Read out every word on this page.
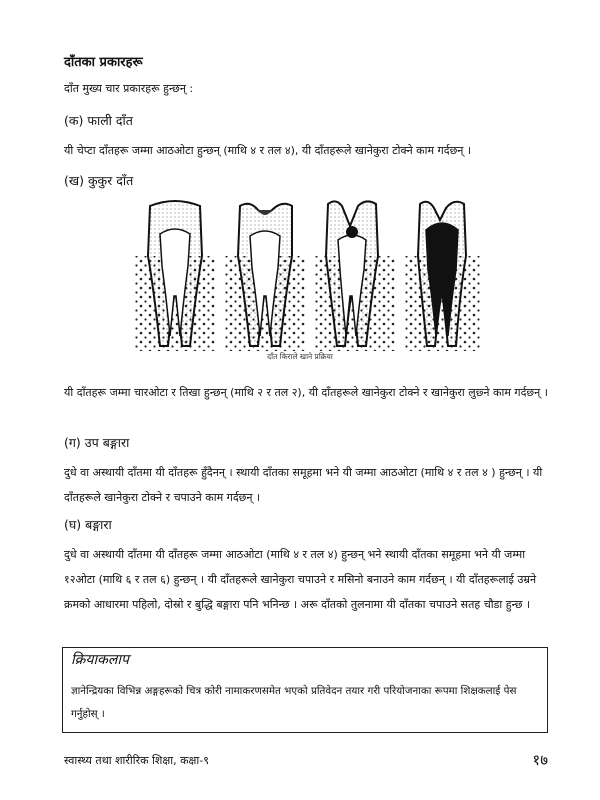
दाँतका प्रकारहरू
दाँत मुख्य चार प्रकारहरू हुन्छन् :
(क) फाली दाँत
यी चेप्टा दाँतहरू जम्मा आठओटा हुन्छन् (माथि ४ र तल ४), यी दाँतहरूले खानेकुरा टोक्ने काम गर्दछन् ।
(ख) कुकुर दाँत
दाँत किराले खाने प्रक्रिया
यी दाँतहरू जम्मा चारओटा र तिखा हुन्छन् (माथि २ र तल २), यी दाँतहरूले खानेकुरा टोक्ने र खानेकुरा लुछ्ने काम गर्दछन् ।
(ग) उप बङ्गारा
दुधे वा अस्थायी दाँतमा यी दाँतहरू हुँदैनन् । स्थायी दाँतका समूहमा भने यी जम्मा आठओटा (माथि ४ र तल ४ ) हुन्छन् । यी दाँतहरूले खानेकुरा टोक्ने र चपाउने काम गर्दछन् ।
(घ) बङ्गारा
दुधे वा अस्थायी दाँतमा यी दाँतहरू जम्मा आठओटा (माथि ४ र तल ४) हुन्छन् भने स्थायी दाँतका समूहमा भने यी जम्मा १२ओटा (माथि ६ र तल ६) हुन्छन् । यी दाँतहरूले खानेकुरा चपाउने र मसिनो बनाउने काम गर्दछन् । यी दाँतहरूलाई उम्रने क्रमको आधारमा पहिलो, दोस्रो र बुद्धि बङ्गारा पनि भनिन्छ । अरू दाँतको तुलनामा यी दाँतका चपाउने सतह चौडा हुन्छ ।
क्रियाकलाप
ज्ञानेन्द्रियका विभिन्न अङ्गहरूको चित्र कोरी नामाकरणसमेत भएको प्रतिवेदन तयार गरी परियोजनाका रूपमा शिक्षकलाई पेस गर्नुहोस् ।
स्वास्थ्य तथा शारीरिक शिक्षा, कक्षा-९	१७
